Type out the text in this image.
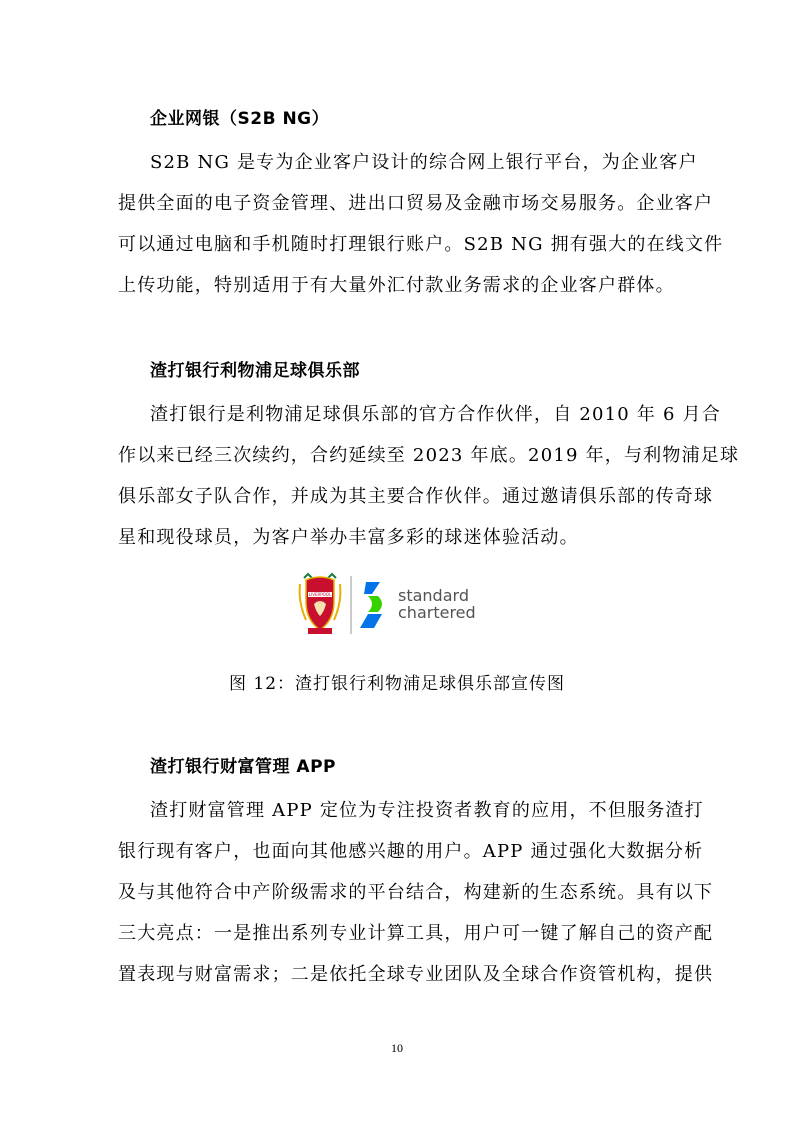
企业网银（S2B NG）
S2B NG 是专为企业客户设计的综合网上银行平台，为企业客户
提供全面的电子资金管理、进出口贸易及金融市场交易服务。企业客户
可以通过电脑和手机随时打理银行账户。S2B NG 拥有强大的在线文件
上传功能，特别适用于有大量外汇付款业务需求的企业客户群体。
渣打银行利物浦足球俱乐部
渣打银行是利物浦足球俱乐部的官方合作伙伴，自 2010 年 6 月合
作以来已经三次续约，合约延续至 2023 年底。2019 年，与利物浦足球
俱乐部女子队合作，并成为其主要合作伙伴。通过邀请俱乐部的传奇球
星和现役球员，为客户举办丰富多彩的球迷体验活动。
LIVERPOOL	standard
chartered
图 12：渣打银行利物浦足球俱乐部宣传图
渣打银行财富管理 APP
渣打财富管理 APP 定位为专注投资者教育的应用，不但服务渣打
银行现有客户，也面向其他感兴趣的用户。APP 通过强化大数据分析
及与其他符合中产阶级需求的平台结合，构建新的生态系统。具有以下
三大亮点：一是推出系列专业计算工具，用户可一键了解自己的资产配
置表现与财富需求；二是依托全球专业团队及全球合作资管机构，提供
10
